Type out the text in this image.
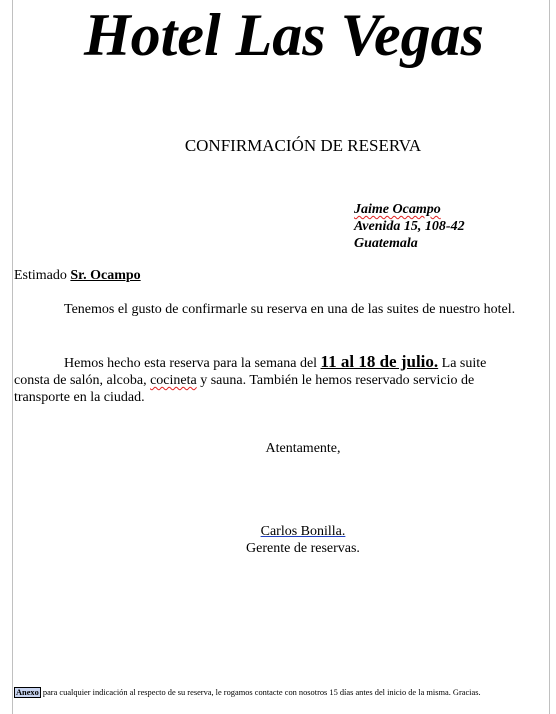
Hotel Las Vegas
CONFIRMACIÓN DE RESERVA
Jaime Ocampo
Avenida 15, 108-42
Guatemala
Estimado Sr. Ocampo
Tenemos el gusto de confirmarle su reserva en una de las suites de nuestro hotel.
Hemos hecho esta reserva para la semana del 11 al 18 de julio. La suite consta de salón, alcoba, cocineta y sauna. También le hemos reservado servicio de transporte en la ciudad.
Atentamente,
Carlos Bonilla.
Gerente de reservas.
Anexo para cualquier indicación al respecto de su reserva, le rogamos contacte con nosotros 15 días antes del inicio de la misma. Gracias.
